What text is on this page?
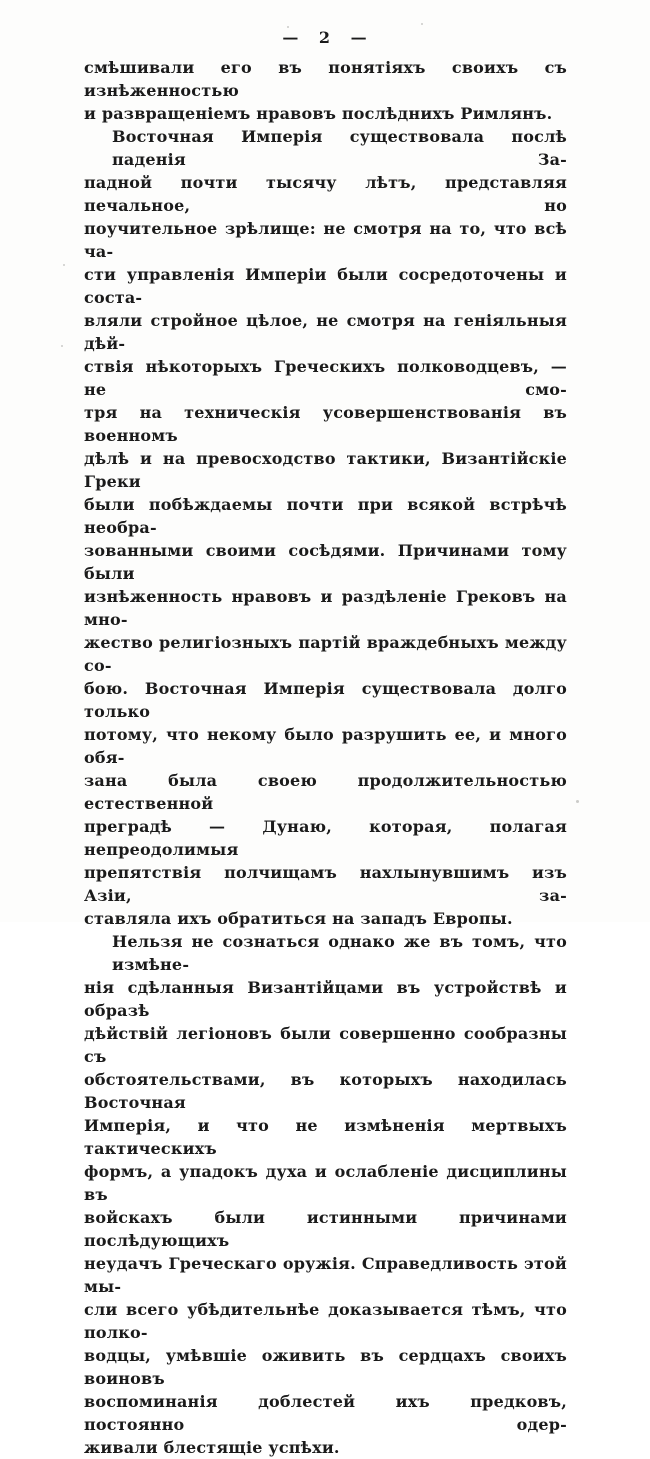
— 2 —
смѣшивали его въ понятіяхъ своихъ съ изнѣженностью
и развращеніемъ нравовъ послѣднихъ Римлянъ.
Восточная Имперія существовала послѣ паденія За-
падной почти тысячу лѣтъ, представляя печальное, но
поучительное зрѣлище: не смотря на то, что всѣ ча-
сти управленія Имперіи были сосредоточены и соста-
вляли стройное цѣлое, не смотря на геніяльныя дѣй-
ствія нѣкоторыхъ Греческихъ полководцевъ, — не смо-
тря на техническія усовершенствованія въ военномъ
дѣлѣ и на превосходство тактики, Византійскіе Греки
были побѣждаемы почти при всякой встрѣчѣ необра-
зованными своими сосѣдями. Причинами тому были
изнѣженность нравовъ и раздѣленіе Грековъ на мно-
жество религіозныхъ партій враждебныхъ между со-
бою. Восточная Имперія существовала долго только
потому, что некому было разрушить ее, и много обя-
зана была своею продолжительностью естественной
преградѣ — Дунаю, которая, полагая непреодолимыя
препятствія полчищамъ нахлынувшимъ изъ Азіи, за-
ставляла ихъ обратиться на западъ Европы.
Нельзя не сознаться однако же въ томъ, что измѣне-
нія сдѣланныя Византійцами въ устройствѣ и образѣ
дѣйствій легіоновъ были совершенно сообразны съ
обстоятельствами, въ которыхъ находилась Восточная
Имперія, и что не измѣненія мертвыхъ тактическихъ
формъ, а упадокъ духа и ослабленіе дисциплины въ
войскахъ были истинными причинами послѣдующихъ
неудачъ Греческаго оружія. Справедливость этой мы-
сли всего убѣдительнѣе доказывается тѣмъ, что полко-
водцы, умѣвшіе оживить въ сердцахъ своихъ воиновъ
воспоминанія доблестей ихъ предковъ, постоянно одер-
живали блестящіе успѣхи.
